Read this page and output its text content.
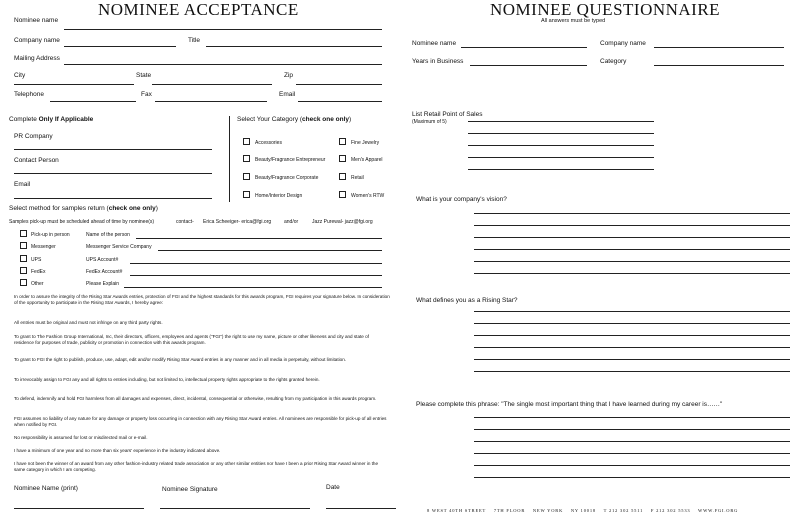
NOMINEE ACCEPTANCE
Nominee name
Company name	Title
Mailing Address
City	State	Zip
Telephone	Fax	Email
Complete Only If Applicable
PR Company
Contact Person
Email
Select Your Category (check one only)
Accessories	Fine Jewelry
Beauty/Fragrance Entrepreneur	Men's Apparel
Beauty/Fragrance Corporate	Retail
Home/Interior Design	Women's RTW
Select method for samples return (check one only)
Samples pick-up must be scheduled ahead of time by nominee(s)	contact- Erica Scheeiger- erica@fgi.org	and/or	Jazz Purewal- jazz@fgi.org
Pick-up in person	Name of the person
Messenger	Messenger Service Company
UPS	UPS Account#
FedEx	FedEx Account#
Other	Please Explain
In order to assure the integrity of the Rising Star Awards entries, protection of FGI and the highest standards for this awards program, FGI requires your signature below. In consideration of the opportunity to participate in the Rising Star Awards, I hereby agree:
All entries must be original and must not infringe on any third party rights.
To grant to The Fashion Group International, Inc, their directors, officers, employees and agents ("FGI") the right to use my name, picture or other likeness and city and state of residence for purposes of trade, publicity or promotion in connection with this awards program.
To grant to FGI the right to publish, produce, use, adapt, edit and/or modify Rising Star Award entries in any manner and in all media in perpetuity, without limitation.
To irrevocably assign to FGI any and all rights to entries including, but not limited to, intellectual property rights appropriate to the rights granted herein.
To defend, indemnify and hold FGI harmless from all damages and expenses, direct, incidental, consequential or otherwise, resulting from my participation in this awards program.
FGI assumes no liability of any nature for any damage or property loss occurring in connection with any Rising Star Award entries. All nominees are responsible for pick-up of all entries when notified by FGI.
No responsibility is assumed for lost or misdirected mail or e-mail.
I have a minimum of one year and no more than six years' experience in the industry indicated above.
I have not been the winner of an award from any other fashion-industry related trade association or any other similar entities nor have I been a prior Rising Star Award winner in the same category in which I am competing.
Nominee Name (print)	Nominee Signature	Date
NOMINEE QUESTIONNAIRE
All answers must be typed
Nominee name	Company name
Years in Business	Category
List Retail Point of Sales
(Maximum of 5)
What is your company's vision?
What defines you as a Rising Star?
Please complete this phrase: "The single most important thing that I have learned during my career is……"
8 WEST 40TH STREET 7TH FLOOR NEW YORK NY 10018 T 212 302 5511 F 212 302 5533 WWW.FGI.ORG
